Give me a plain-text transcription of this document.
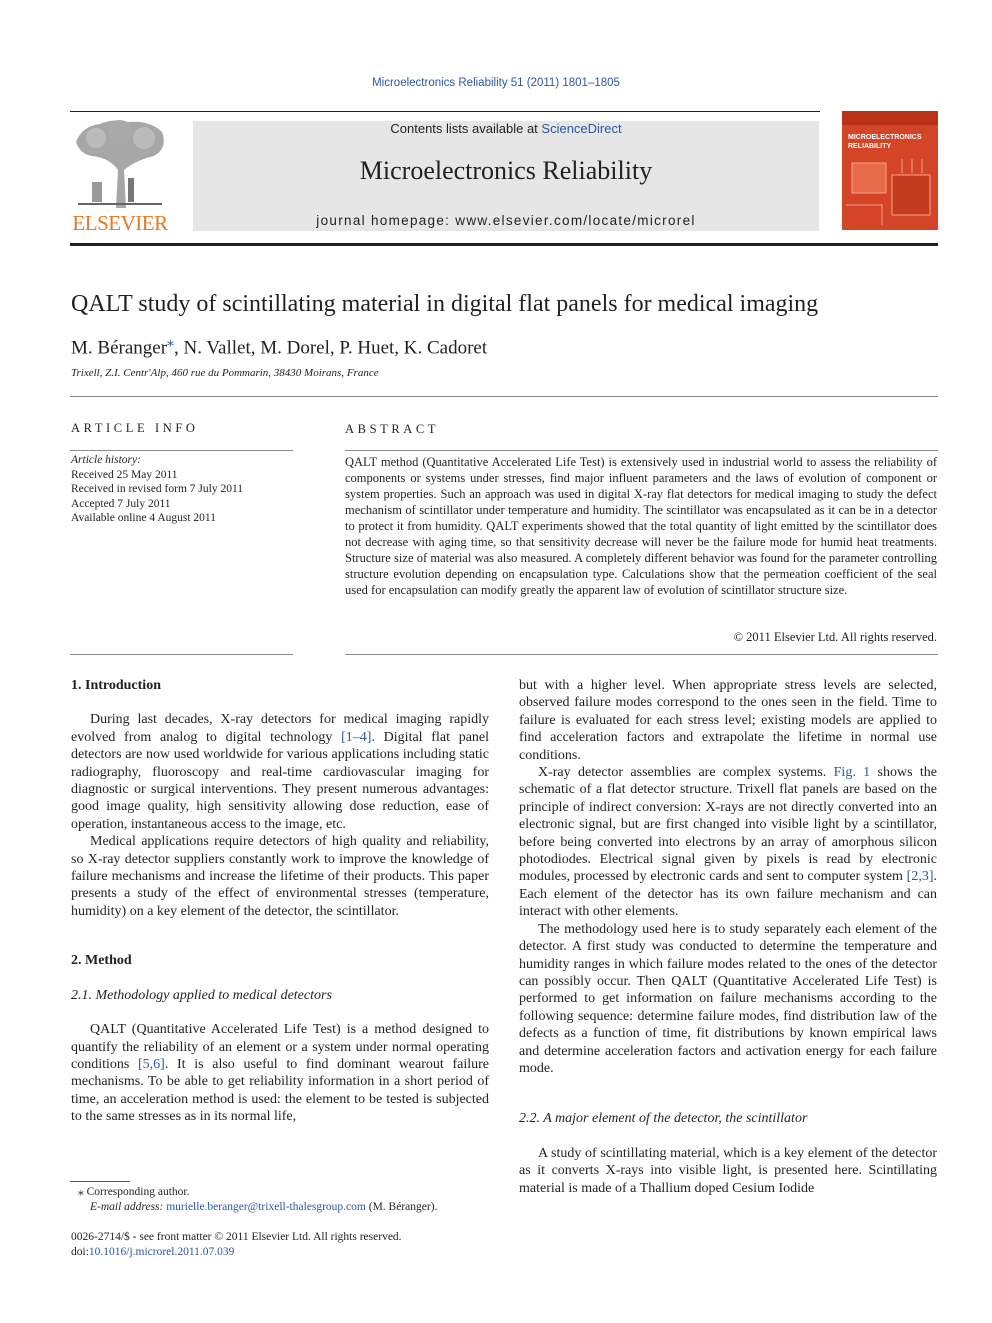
Microelectronics Reliability 51 (2011) 1801–1805
ELSEVIER
Contents lists available at ScienceDirect
Microelectronics Reliability
journal homepage: www.elsevier.com/locate/microrel
MICROELECTRONICS
RELIABILITY
QALT study of scintillating material in digital flat panels for medical imaging
M. Béranger⁎, N. Vallet, M. Dorel, P. Huet, K. Cadoret
Trixell, Z.I. Centr'Alp, 460 rue du Pommarin, 38430 Moirans, France
ARTICLE INFO
Article history:
Received 25 May 2011
Received in revised form 7 July 2011
Accepted 7 July 2011
Available online 4 August 2011
ABSTRACT
QALT method (Quantitative Accelerated Life Test) is extensively used in industrial world to assess the reliability of components or systems under stresses, find major influent parameters and the laws of evolution of component or system properties. Such an approach was used in digital X-ray flat detectors for medical imaging to study the defect mechanism of scintillator under temperature and humidity. The scintillator was encapsulated as it can be in a detector to protect it from humidity. QALT experiments showed that the total quantity of light emitted by the scintillator does not decrease with aging time, so that sensitivity decrease will never be the failure mode for humid heat treatments. Structure size of material was also measured. A completely different behavior was found for the parameter controlling structure evolution depending on encapsulation type. Calculations show that the permeation coefficient of the seal used for encapsulation can modify greatly the apparent law of evolution of scintillator structure size.
© 2011 Elsevier Ltd. All rights reserved.
1. Introduction

During last decades, X-ray detectors for medical imaging rapidly evolved from analog to digital technology [1–4]. Digital flat panel detectors are now used worldwide for various applications including static radiography, fluoroscopy and real-time cardiovascular imaging for diagnostic or surgical interventions. They present numerous advantages: good image quality, high sensitivity allowing dose reduction, ease of operation, instantaneous access to the image, etc.

Medical applications require detectors of high quality and reliability, so X-ray detector suppliers constantly work to improve the knowledge of failure mechanisms and increase the lifetime of their products. This paper presents a study of the effect of environmental stresses (temperature, humidity) on a key element of the detector, the scintillator.

2. Method
2.1. Methodology applied to medical detectors

QALT (Quantitative Accelerated Life Test) is a method designed to quantify the reliability of an element or a system under normal operating conditions [5,6]. It is also useful to find dominant wearout failure mechanisms. To be able to get reliability information in a short period of time, an acceleration method is used: the element to be tested is subjected to the same stresses as in its normal life,

but with a higher level. When appropriate stress levels are selected, observed failure modes correspond to the ones seen in the field. Time to failure is evaluated for each stress level; existing models are applied to find acceleration factors and extrapolate the lifetime in normal use conditions.

X-ray detector assemblies are complex systems. Fig. 1 shows the schematic of a flat detector structure. Trixell flat panels are based on the principle of indirect conversion: X-rays are not directly converted into an electronic signal, but are first changed into visible light by a scintillator, before being converted into electrons by an array of amorphous silicon photodiodes. Electrical signal given by pixels is read by electronic modules, processed by electronic cards and sent to computer system [2,3]. Each element of the detector has its own failure mechanism and can interact with other elements.

The methodology used here is to study separately each element of the detector. A first study was conducted to determine the temperature and humidity ranges in which failure modes related to the ones of the detector can possibly occur. Then QALT (Quantitative Accelerated Life Test) is performed to get information on failure mechanisms according to the following sequence: determine failure modes, find distribution law of the defects as a function of time, fit distributions by known empirical laws and determine acceleration factors and activation energy for each failure mode.

2.2. A major element of the detector, the scintillator

A study of scintillating material, which is a key element of the detector as it converts X-rays into visible light, is presented here. Scintillating material is made of a Thallium doped Cesium Iodide

⁎ Corresponding author.
E-mail address: murielle.beranger@trixell-thalesgroup.com (M. Béranger).
0026-2714/$ - see front matter © 2011 Elsevier Ltd. All rights reserved.
doi:10.1016/j.microrel.2011.07.039
